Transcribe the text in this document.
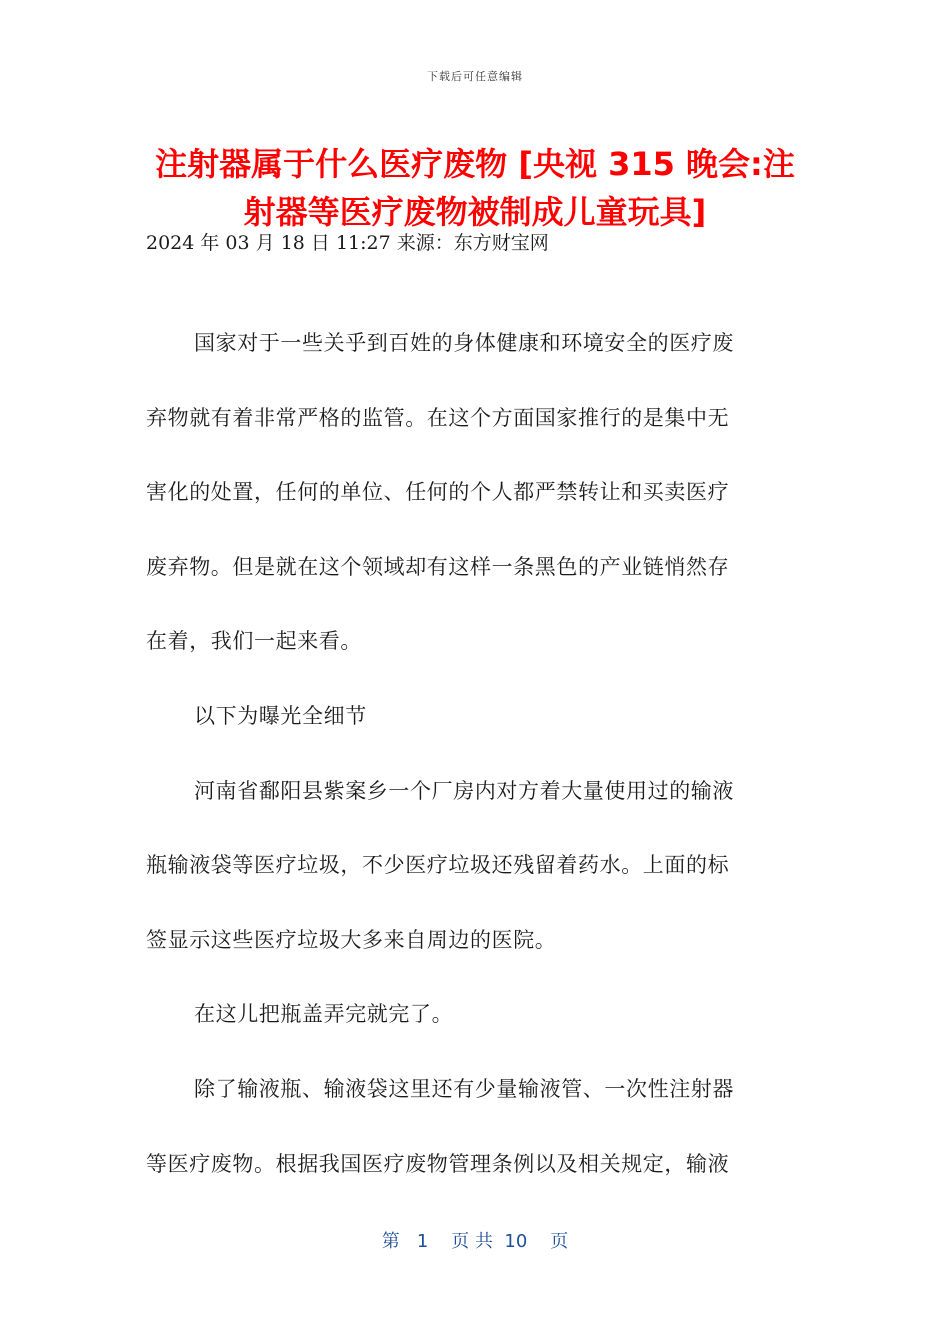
下载后可任意编辑
注射器属于什么医疗废物 [央视 315 晚会:注
射器等医疗废物被制成儿童玩具]
2024 年 03 月 18 日 11:27 来源：东方财宝网
国家对于一些关乎到百姓的身体健康和环境安全的医疗废
弃物就有着非常严格的监管。在这个方面国家推行的是集中无
害化的处置，任何的单位、任何的个人都严禁转让和买卖医疗
废弃物。但是就在这个领域却有这样一条黑色的产业链悄然存
在着，我们一起来看。
以下为曝光全细节
河南省鄱阳县紫案乡一个厂房内对方着大量使用过的输液
瓶输液袋等医疗垃圾，不少医疗垃圾还残留着药水。上面的标
签显示这些医疗垃圾大多来自周边的医院。
在这儿把瓶盖弄完就完了。
除了输液瓶、输液袋这里还有少量输液管、一次性注射器
等医疗废物。根据我国医疗废物管理条例以及相关规定，输液
第   1    页 共  10    页
